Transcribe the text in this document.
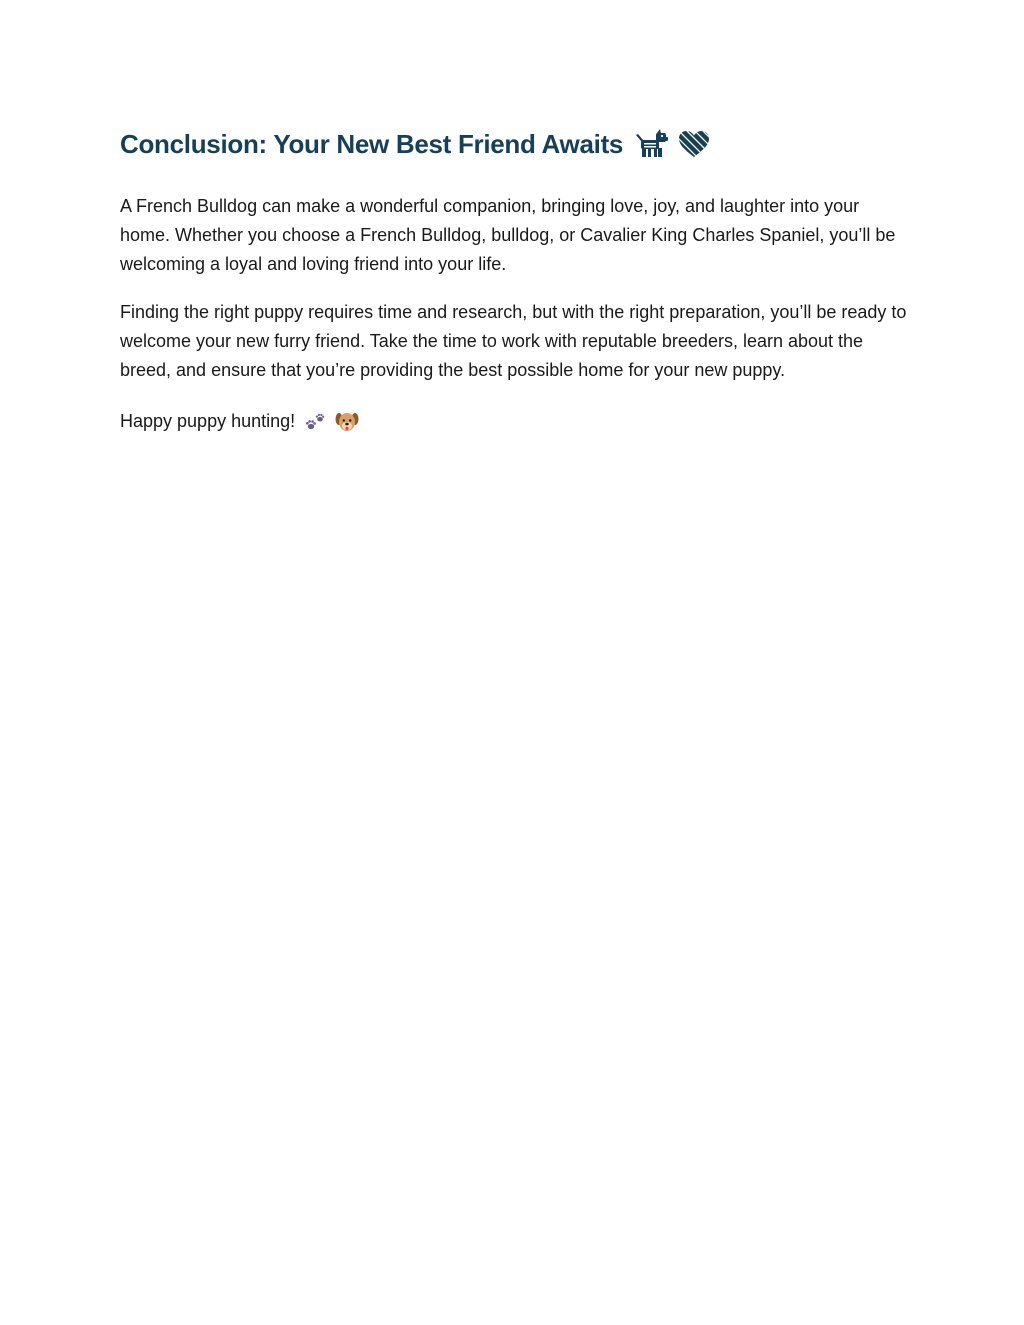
Conclusion: Your New Best Friend Awaits

A French Bulldog can make a wonderful companion, bringing love, joy, and laughter into your home. Whether you choose a French Bulldog, bulldog, or Cavalier King Charles Spaniel, you’ll be welcoming a loyal and loving friend into your life.

Finding the right puppy requires time and research, but with the right preparation, you’ll be ready to welcome your new furry friend. Take the time to work with reputable breeders, learn about the breed, and ensure that you’re providing the best possible home for your new puppy.

Happy puppy hunting!
